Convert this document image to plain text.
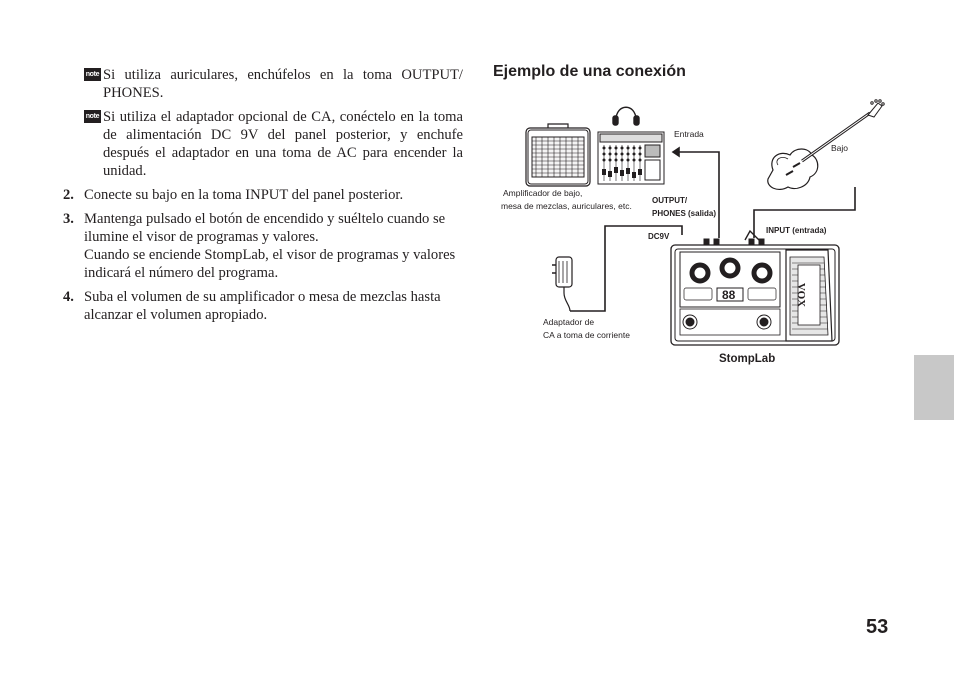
note Si utiliza auriculares, enchúfelos en la toma OUTPUT/ PHONES.
note Si utiliza el adaptador opcional de CA, conéctelo en la toma de alimentación DC 9V del panel posterior, y enchufe después el adaptador en una toma de AC para encender la unidad.
2. Conecte su bajo en la toma INPUT del panel posterior.
3. Mantenga pulsado el botón de encendido y suéltelo cuando se ilumine el visor de programas y valores.
Cuando se enciende StompLab, el visor de programas y valores indicará el número del programa.
4. Suba el volumen de su amplificador o mesa de mezclas hasta alcanzar el volumen apropiado.
Ejemplo de una conexión
88	VOX
Entrada
Bajo
Amplificador de bajo,
mesa de mezclas, auriculares, etc.
OUTPUT/
PHONES (salida)
DC9V
INPUT (entrada)
Adaptador de
CA a toma de corriente
StompLab
53
